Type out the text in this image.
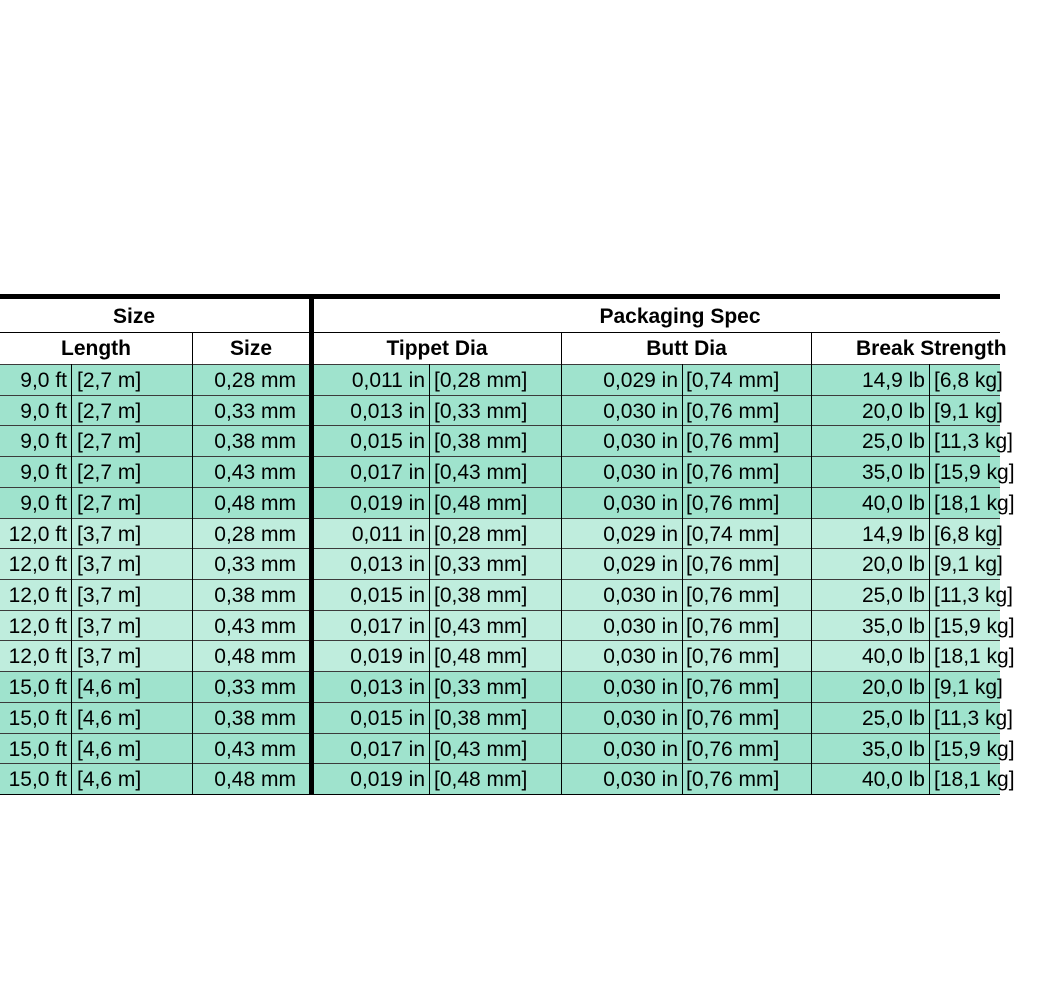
Size	Packaging Spec
Length	Size	Tippet Dia	Butt Dia	Break Strength
9,0 ft [2,7 m]	0,28 mm	0,011 in [0,28 mm]	0,029 in [0,74 mm]	14,9 lb [6,8 kg]
9,0 ft [2,7 m]	0,33 mm	0,013 in [0,33 mm]	0,030 in [0,76 mm]	20,0 lb [9,1 kg]
9,0 ft [2,7 m]	0,38 mm	0,015 in [0,38 mm]	0,030 in [0,76 mm]	25,0 lb [11,3 kg]
9,0 ft [2,7 m]	0,43 mm	0,017 in [0,43 mm]	0,030 in [0,76 mm]	35,0 lb [15,9 kg]
9,0 ft [2,7 m]	0,48 mm	0,019 in [0,48 mm]	0,030 in [0,76 mm]	40,0 lb [18,1 kg]
12,0 ft [3,7 m]	0,28 mm	0,011 in [0,28 mm]	0,029 in [0,74 mm]	14,9 lb [6,8 kg]
12,0 ft [3,7 m]	0,33 mm	0,013 in [0,33 mm]	0,029 in [0,76 mm]	20,0 lb [9,1 kg]
12,0 ft [3,7 m]	0,38 mm	0,015 in [0,38 mm]	0,030 in [0,76 mm]	25,0 lb [11,3 kg]
12,0 ft [3,7 m]	0,43 mm	0,017 in [0,43 mm]	0,030 in [0,76 mm]	35,0 lb [15,9 kg]
12,0 ft [3,7 m]	0,48 mm	0,019 in [0,48 mm]	0,030 in [0,76 mm]	40,0 lb [18,1 kg]
15,0 ft [4,6 m]	0,33 mm	0,013 in [0,33 mm]	0,030 in [0,76 mm]	20,0 lb [9,1 kg]
15,0 ft [4,6 m]	0,38 mm	0,015 in [0,38 mm]	0,030 in [0,76 mm]	25,0 lb [11,3 kg]
15,0 ft [4,6 m]	0,43 mm	0,017 in [0,43 mm]	0,030 in [0,76 mm]	35,0 lb [15,9 kg]
15,0 ft [4,6 m]	0,48 mm	0,019 in [0,48 mm]	0,030 in [0,76 mm]	40,0 lb [18,1 kg]
